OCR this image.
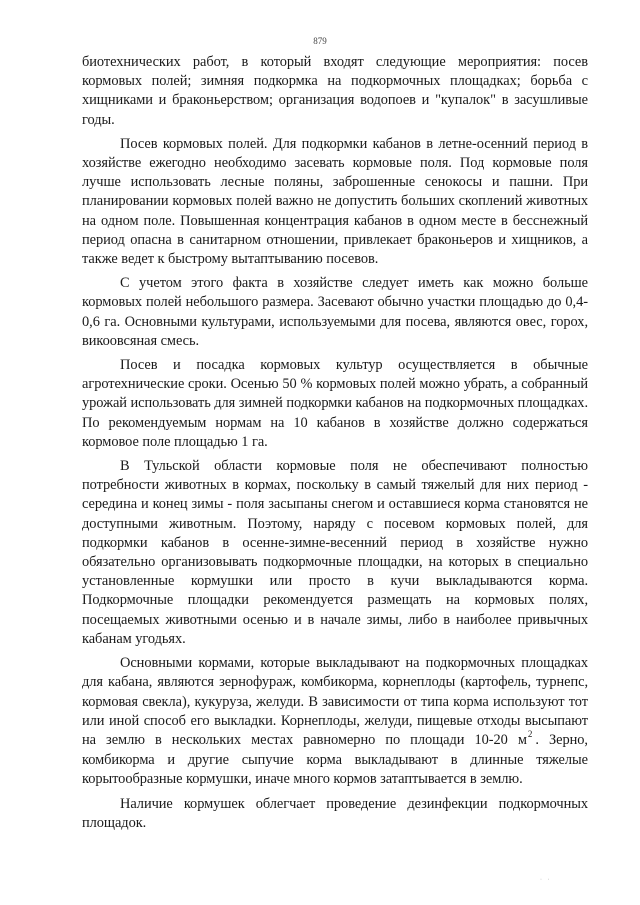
879

биотехнических работ, в который входят следующие мероприятия: посев кормовых полей; зимняя подкормка на подкормочных площадках; борьба с хищниками и браконьерством; организация водопоев и "купалок" в засушливые годы.

Посев кормовых полей. Для подкормки кабанов в летне-осенний период в хозяйстве ежегодно необходимо засевать кормовые поля. Под кормовые поля лучше использовать лесные поляны, заброшенные сенокосы и пашни. При планировании кормовых полей важно не допустить больших скоплений животных на одном поле. Повышенная концентрация кабанов в одном месте в бесснежный период опасна в санитарном отношении, привлекает браконьеров и хищников, а также ведет к быстрому вытаптыванию посевов.

С учетом этого факта в хозяйстве следует иметь как можно больше кормовых полей небольшого размера. Засевают обычно участки площадью до 0,4-0,6 га. Основными культурами, используемыми для посева, являются овес, горох, викоовсяная смесь.

Посев и посадка кормовых культур осуществляется в обычные агротехнические сроки. Осенью 50 % кормовых полей можно убрать, а собранный урожай использовать для зимней подкормки кабанов на подкормочных площадках. По рекомендуемым нормам на 10 кабанов в хозяйстве должно содержаться кормовое поле площадью 1 га.

В Тульской области кормовые поля не обеспечивают полностью потребности животных в кормах, поскольку в самый тяжелый для них период - середина и конец зимы - поля засыпаны снегом и оставшиеся корма становятся не доступными животным. Поэтому, наряду с посевом кормовых полей, для подкормки кабанов в осенне-зимне-весенний период в хозяйстве нужно обязательно организовывать подкормочные площадки, на которых в специально установленные кормушки или просто в кучи выкладываются корма. Подкормочные площадки рекомендуется размещать на кормовых полях, посещаемых животными осенью и в начале зимы, либо в наиболее привычных кабанам угодьях.

Основными кормами, которые выкладывают на подкормочных площадках для кабана, являются зернофураж, комбикорма, корнеплоды (картофель, турнепс, кормовая свекла), кукуруза, желуди. В зависимости от типа корма используют тот или иной способ его выкладки. Корнеплоды, желуди, пищевые отходы высыпают на землю в нескольких местах равномерно по площади 10-20 $м^2$ . Зерно, комбикорма и другие сыпучие корма выкладывают в длинные тяжелые корытообразные кормушки, иначе много кормов затаптывается в землю.

Наличие кормушек облегчает проведение дезинфекции подкормочных площадок.

· ·
